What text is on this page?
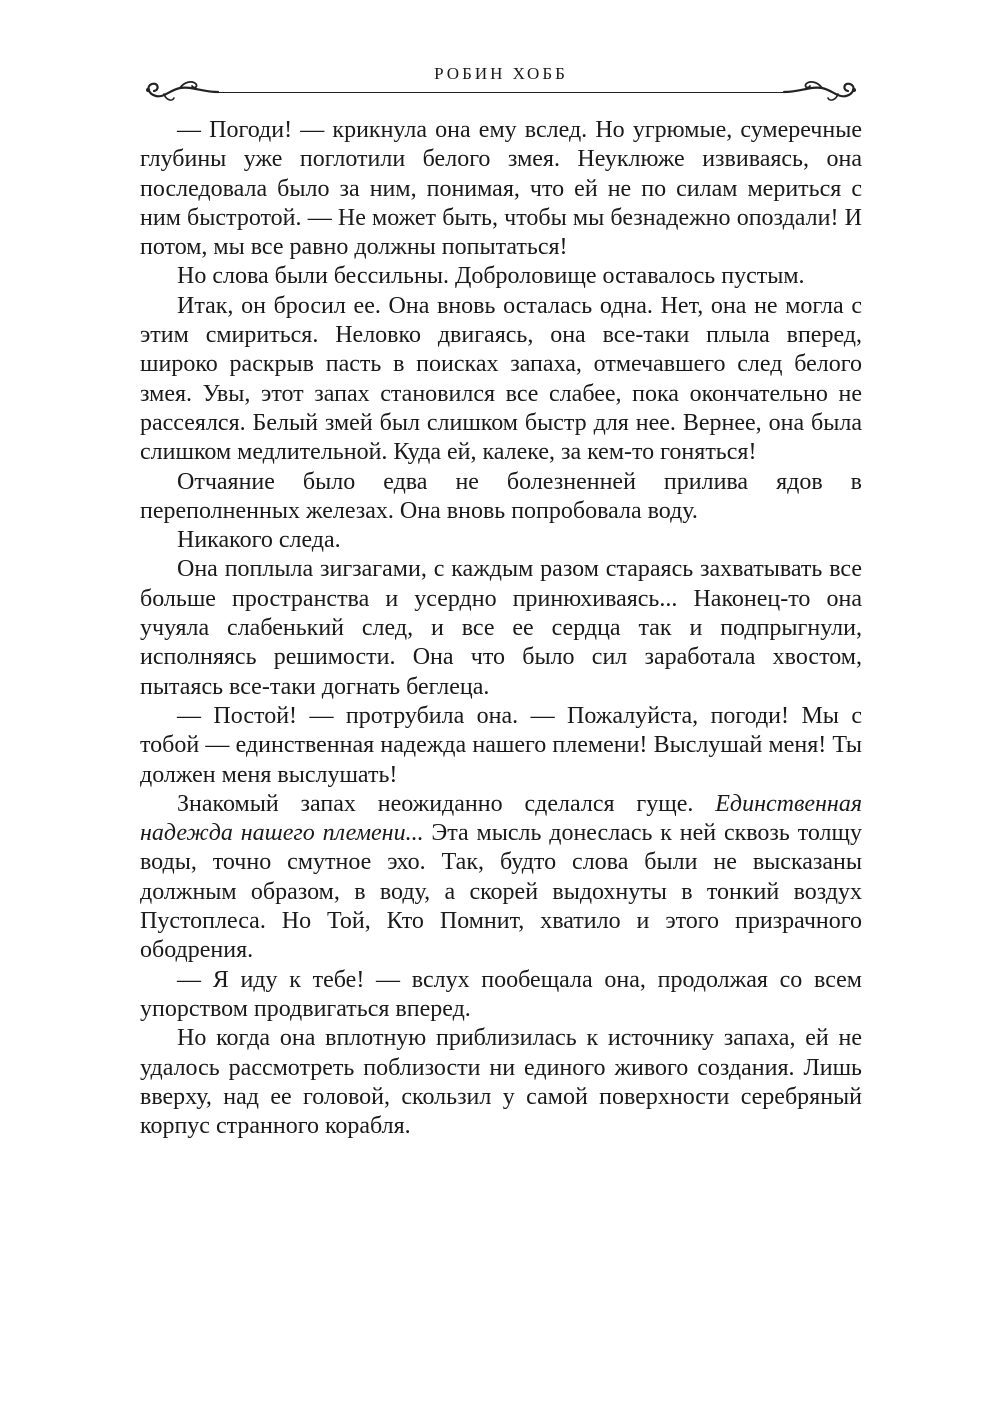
РОБИН ХОББ

— Погоди! — крикнула она ему вслед. Но угрюмые, сумеречные глубины уже поглотили белого змея. Неуклюже извиваясь, она последовала было за ним, понимая, что ей не по силам мериться с ним быстротой. — Не может быть, чтобы мы безнадежно опоздали! И потом, мы все равно должны попытаться!

Но слова были бессильны. Доброловище оставалось пустым.

Итак, он бросил ее. Она вновь осталась одна. Нет, она не могла с этим смириться. Неловко двигаясь, она все-таки плыла вперед, широко раскрыв пасть в поисках запаха, отмечавшего след белого змея. Увы, этот запах становился все слабее, пока окончательно не рассеялся. Белый змей был слишком быстр для нее. Вернее, она была слишком медлительной. Куда ей, калеке, за кем-то гоняться!

Отчаяние было едва не болезненней прилива ядов в переполненных железах. Она вновь попробовала воду.

Никакого следа.

Она поплыла зигзагами, с каждым разом стараясь захватывать все больше пространства и усердно принюхиваясь... Наконец-то она учуяла слабенький след, и все ее сердца так и подпрыгнули, исполняясь решимости. Она что было сил заработала хвостом, пытаясь все-таки догнать беглеца.

— Постой! — протрубила она. — Пожалуйста, погоди! Мы с тобой — единственная надежда нашего племени! Выслушай меня! Ты должен меня выслушать!

Знакомый запах неожиданно сделался гуще. Единственная надежда нашего племени... Эта мысль донеслась к ней сквозь толщу воды, точно смутное эхо. Так, будто слова были не высказаны должным образом, в воду, а скорей выдохнуты в тонкий воздух Пустоплеса. Но Той, Кто Помнит, хватило и этого призрачного ободрения.

— Я иду к тебе! — вслух пообещала она, продолжая со всем упорством продвигаться вперед.

Но когда она вплотную приблизилась к источнику запаха, ей не удалось рассмотреть поблизости ни единого живого создания. Лишь вверху, над ее головой, скользил у самой поверхности серебряный корпус странного корабля.
